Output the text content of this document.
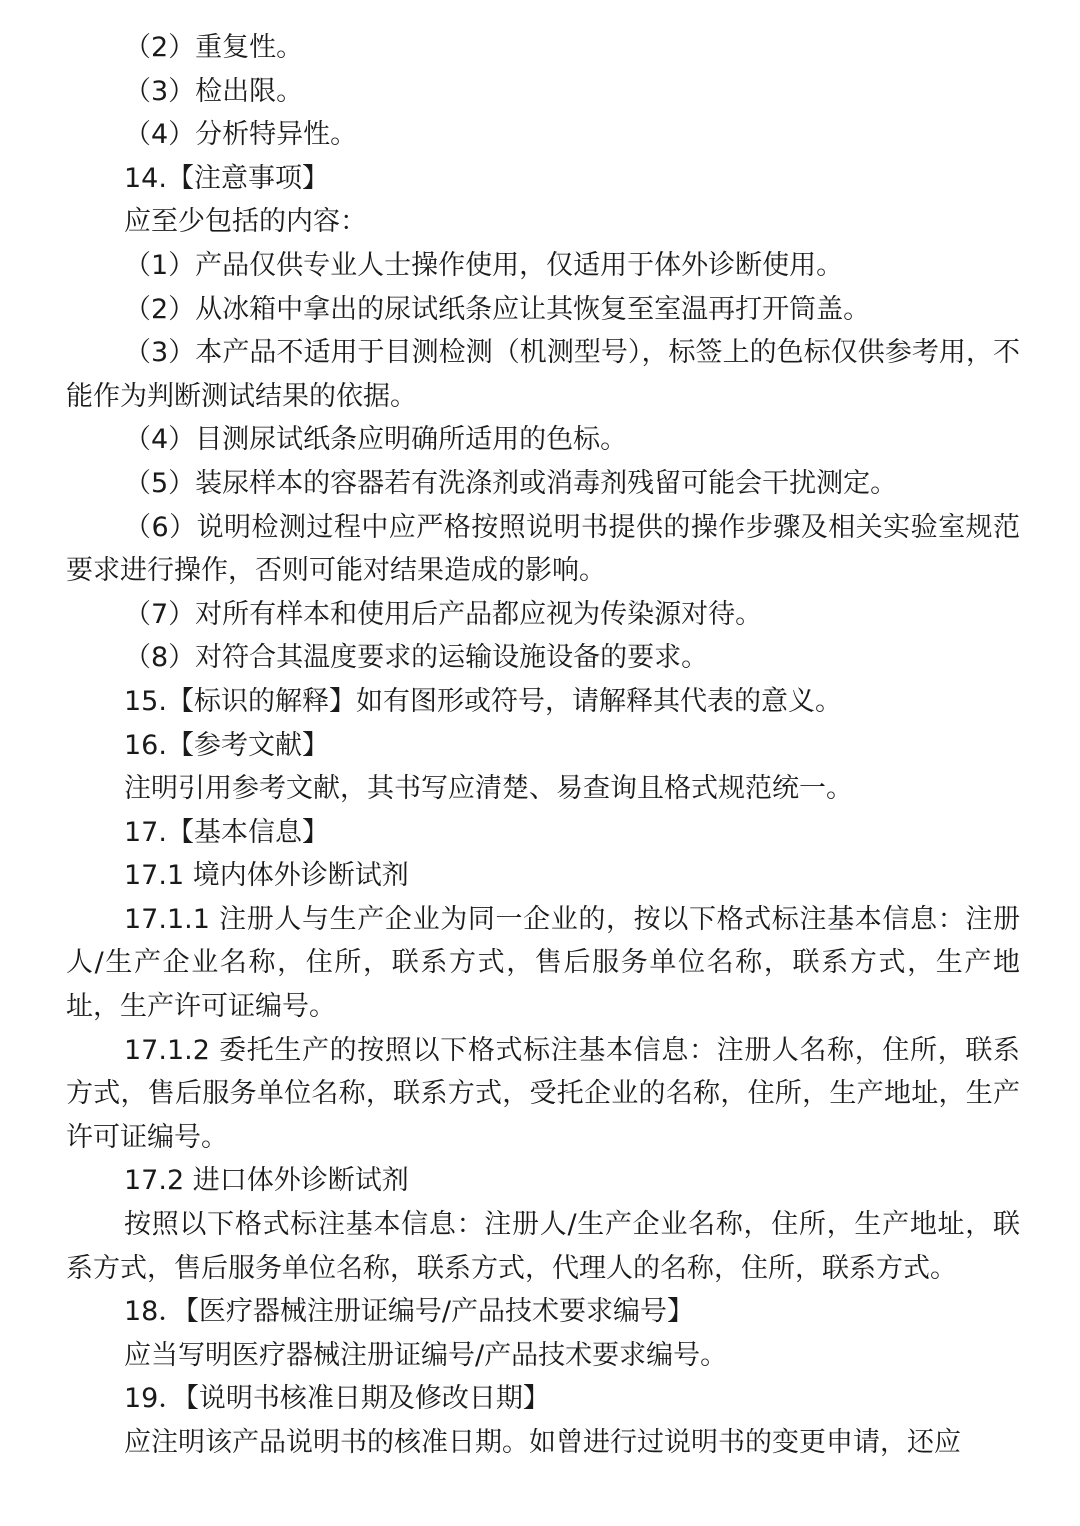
（2）重复性。

（3）检出限。

（4）分析特异性。

14.【注意事项】

应至少包括的内容：

（1）产品仅供专业人士操作使用，仅适用于体外诊断使用。

（2）从冰箱中拿出的尿试纸条应让其恢复至室温再打开筒盖。

（3）本产品不适用于目测检测（机测型号），标签上的色标仅供参考用，不能作为判断测试结果的依据。

（4）目测尿试纸条应明确所适用的色标。

（5）装尿样本的容器若有洗涤剂或消毒剂残留可能会干扰测定。

（6）说明检测过程中应严格按照说明书提供的操作步骤及相关实验室规范要求进行操作，否则可能对结果造成的影响。

（7）对所有样本和使用后产品都应视为传染源对待。

（8）对符合其温度要求的运输设施设备的要求。

15.【标识的解释】如有图形或符号，请解释其代表的意义。

16.【参考文献】

注明引用参考文献，其书写应清楚、易查询且格式规范统一。

17.【基本信息】

17.1 境内体外诊断试剂

17.1.1 注册人与生产企业为同一企业的，按以下格式标注基本信息：注册人/生产企业名称，住所，联系方式，售后服务单位名称，联系方式，生产地址，生产许可证编号。

17.1.2 委托生产的按照以下格式标注基本信息：注册人名称，住所，联系方式，售后服务单位名称，联系方式，受托企业的名称，住所，生产地址，生产许可证编号。

17.2 进口体外诊断试剂

按照以下格式标注基本信息：注册人/生产企业名称，住所，生产地址，联系方式，售后服务单位名称，联系方式，代理人的名称，住所，联系方式。

18．【医疗器械注册证编号/产品技术要求编号】

应当写明医疗器械注册证编号/产品技术要求编号。

19．【说明书核准日期及修改日期】

应注明该产品说明书的核准日期。如曾进行过说明书的变更申请，还应
